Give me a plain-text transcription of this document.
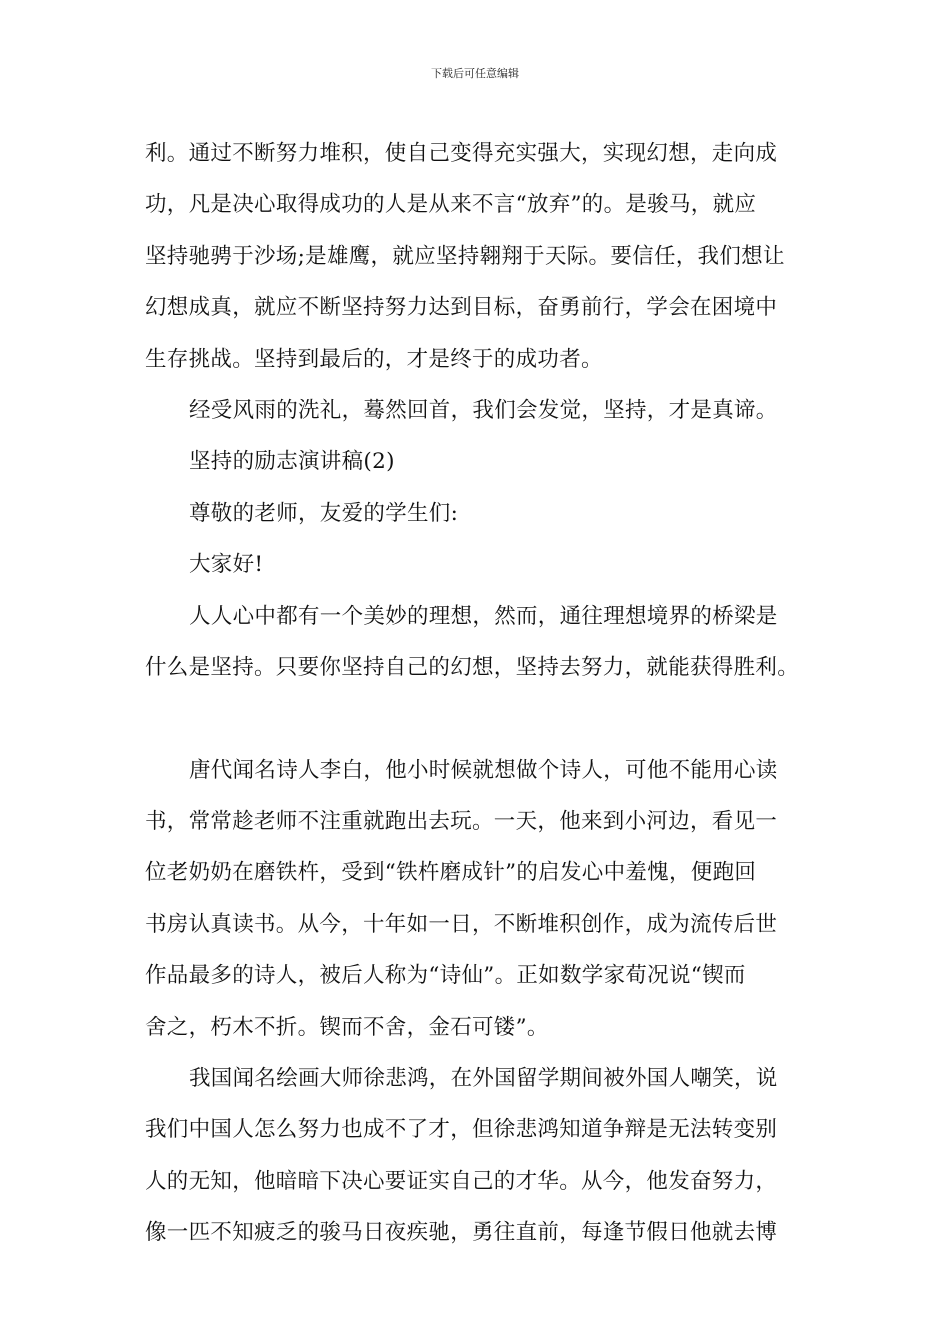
下载后可任意编辑
利。通过不断努力堆积，使自己变得充实强大，实现幻想，走向成
功，凡是决心取得成功的人是从来不言“放弃”的。是骏马，就应
坚持驰骋于沙场;是雄鹰，就应坚持翱翔于天际。要信任，我们想让
幻想成真，就应不断坚持努力达到目标，奋勇前行，学会在困境中
生存挑战。坚持到最后的，才是终于的成功者。
经受风雨的洗礼，蓦然回首，我们会发觉，坚持，才是真谛。
坚持的励志演讲稿(2)
尊敬的老师，友爱的学生们:
大家好!
人人心中都有一个美妙的理想，然而，通往理想境界的桥梁是
什么是坚持。只要你坚持自己的幻想，坚持去努力，就能获得胜利。
唐代闻名诗人李白，他小时候就想做个诗人，可他不能用心读
书，常常趁老师不注重就跑出去玩。一天，他来到小河边，看见一
位老奶奶在磨铁杵，受到“铁杵磨成针”的启发心中羞愧，便跑回
书房认真读书。从今，十年如一日，不断堆积创作，成为流传后世
作品最多的诗人，被后人称为“诗仙”。正如数学家荀况说“锲而
舍之，朽木不折。锲而不舍，金石可镂”。
我国闻名绘画大师徐悲鸿，在外国留学期间被外国人嘲笑，说
我们中国人怎么努力也成不了才，但徐悲鸿知道争辩是无法转变别
人的无知，他暗暗下决心要证实自己的才华。从今，他发奋努力，
像一匹不知疲乏的骏马日夜疾驰，勇往直前，每逢节假日他就去博
